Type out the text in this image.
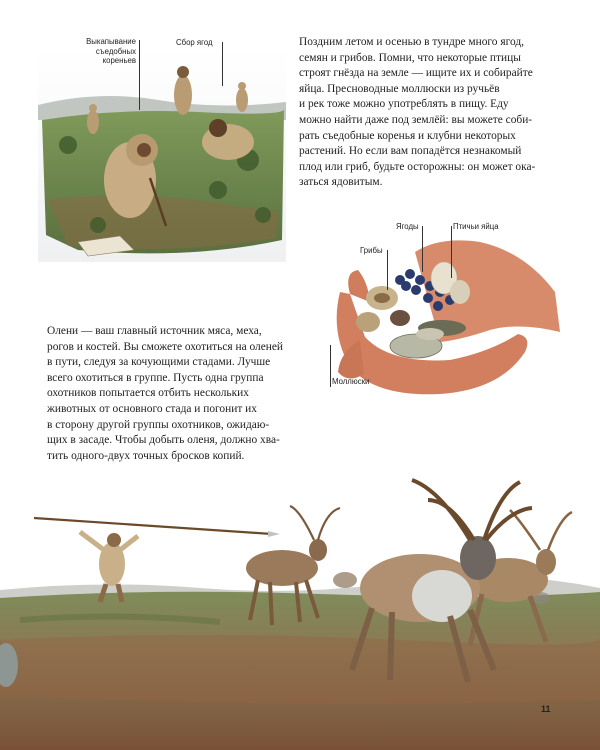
Выкапывание
съедобных
кореньев
Сбор ягод	Поздним летом и осенью в тундре много ягод,

семян и грибов. Помни, что некоторые птицы

строят гнёзда на земле — ищите их и собирайте

яйца. Пресноводные моллюски из ручьёв

и рек тоже можно употреблять в пищу. Еду

можно найти даже под землёй: вы можете соби-

рать съедобные коренья и клубни некоторых

растений. Но если вам попадётся незнакомый

плод или гриб, будьте осторожны: он может ока-

заться ядовитым.

Ягоды	Птичьи яйца
Грибы
Моллюски

Олени — ваш главный источник мяса, меха,

рогов и костей. Вы сможете охотиться на оленей

в пути, следуя за кочующими стадами. Лучше

всего охотиться в группе. Пусть одна группа

охотников попытается отбить нескольких

животных от основного стада и погонит их

в сторону другой группы охотников, ожидаю-

щих в засаде. Чтобы добыть оленя, должно хва-

тить одного-двух точных бросков копий.

11
